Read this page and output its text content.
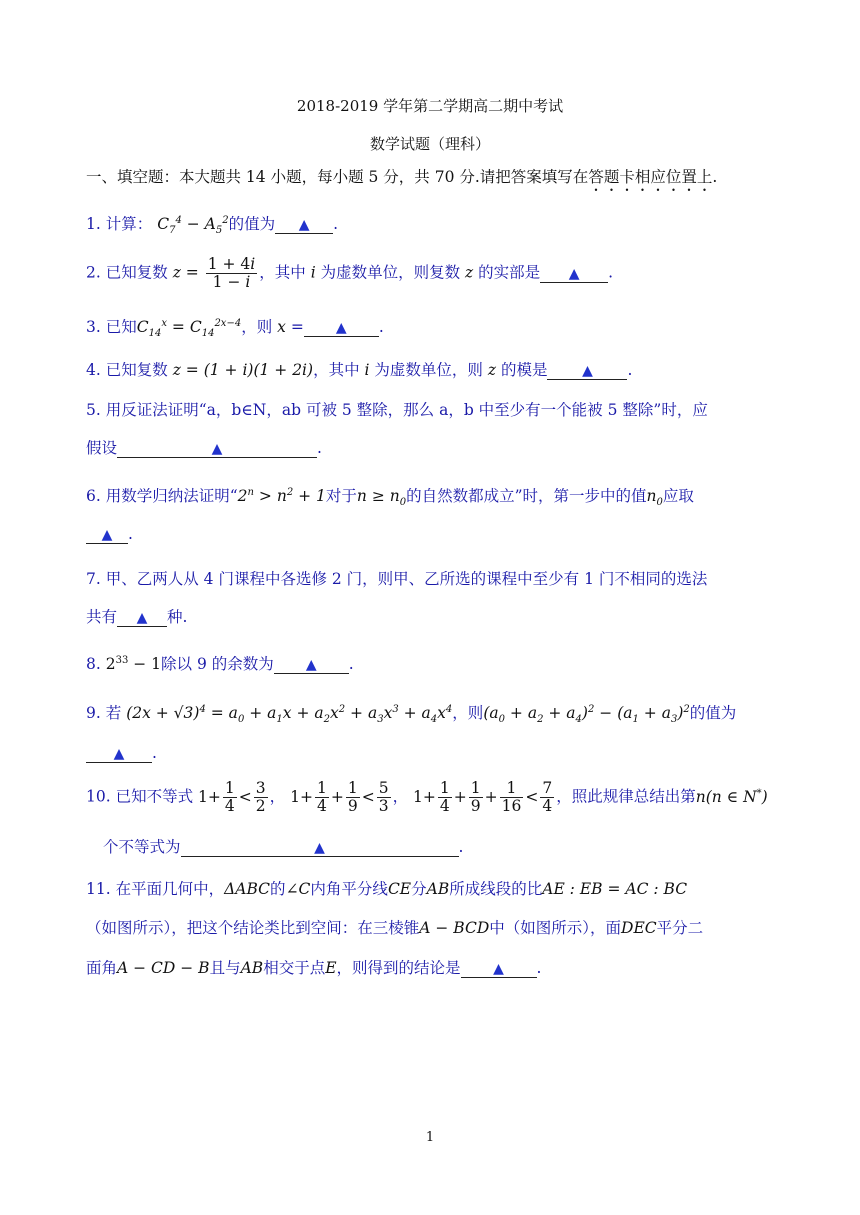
2018-2019 学年第二学期高二期中考试
数学试题（理科）
一、填空题：本大题共 14 小题，每小题 5 分，共 70 分.请把答案填写在答题卡相应位置上.
1. 计算： $C_7^4 - A_5^2$的值为 ▲ .
2. 已知复数 $z = \frac{1 + 4i}{1 - i}$ ，其中 i 为虚数单位，则复数 z 的实部是 ▲ .
3. 已知$C_{14}^x = C_{14}^{2x-4}$，则 x = ▲ .
4. 已知复数 z = (1 + i)(1 + 2i)，其中 i 为虚数单位，则 z 的模是 ▲ .
5. 用反证法证明“a，b∈N，ab 可被 5 整除，那么 a，b 中至少有一个能被 5 整除”时，应
假设	▲	.
6. 用数学归纳法证明“$2^n > n^2 + 1$对于$n \ge n_0$的自然数都成立”时，第一步中的值$n_0$应取
▲ .
7. 甲、乙两人从 4 门课程中各选修 2 门，则甲、乙所选的课程中至少有 1 门不相同的选法
共有 ▲ 种.
8. $2^{33} - 1$除以 9 的余数为 ▲ .
9. 若 $(2x + √3)^4 = a_0 + a_1x + a_2x^2 + a_3x^3 + a_4x^4$，则$(a_0 + a_2 + a_4)^2 - (a_1 + a_3)^2$的值为
▲ .
10. 已知不等式 $1+ \frac{1}{4} < \frac{3}{2}$ ， $1+ \frac{1}{4} + \frac{1}{9} < \frac{5}{3}$ ， $1+ \frac{1}{4} + \frac{1}{9} + \frac{1}{16} < \frac{7}{4}$ ，照此规律总结出第n(n ∈ N*)
个不等式为	▲	.
11. 在平面几何中，ΔABC的∠C内角平分线CE分AB所成线段的比AE : EB = AC : BC
（如图所示），把这个结论类比到空间：在三棱锥A − BCD中（如图所示），面DEC平分二
面角A − CD − B且与AB相交于点E，则得到的结论是 ▲ .
1
